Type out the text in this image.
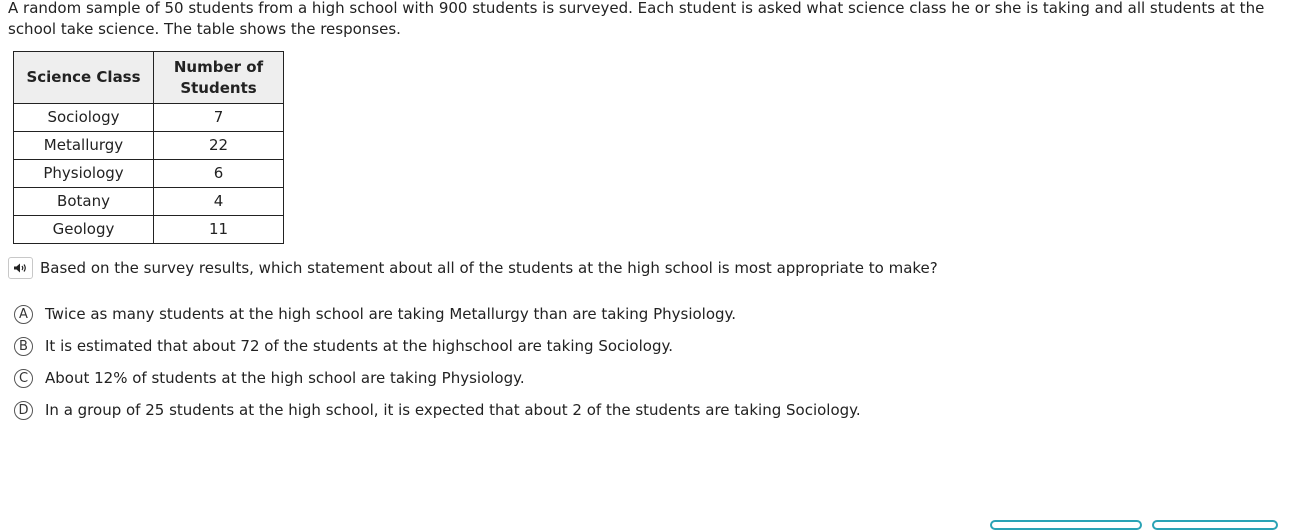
A random sample of 50 students from a high school with 900 students is surveyed. Each student is asked what science class he or she is taking and all students at the school take science. The table shows the responses.

Science Class	Number of Students

Sociology	7
Metallurgy	22
Physiology	6
Botany	4
Geology	11
Based on the survey results, which statement about all of the students at the high school is most appropriate to make?
A	Twice as many students at the high school are taking Metallurgy than are taking Physiology.
B	It is estimated that about 72 of the students at the highschool are taking Sociology.
C	About 12% of students at the high school are taking Physiology.
D	In a group of 25 students at the high school, it is expected that about 2 of the students are taking Sociology.
